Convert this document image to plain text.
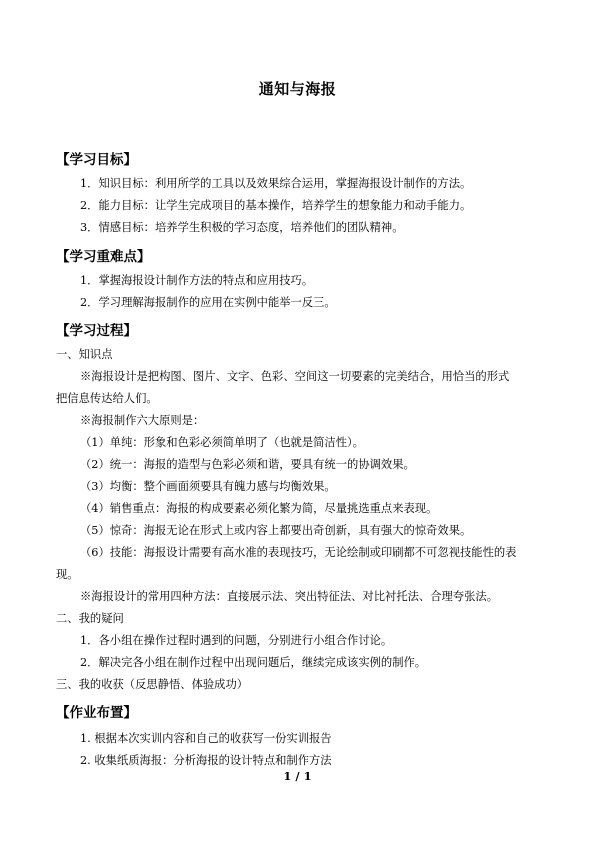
通知与海报
【学习目标】
1．知识目标：利用所学的工具以及效果综合运用，掌握海报设计制作的方法。
2．能力目标：让学生完成项目的基本操作，培养学生的想象能力和动手能力。
3．情感目标：培养学生积极的学习态度，培养他们的团队精神。
【学习重难点】
1．掌握海报设计制作方法的特点和应用技巧。
2．学习理解海报制作的应用在实例中能举一反三。
【学习过程】
一、知识点
※海报设计是把构图、图片、文字、色彩、空间这一切要素的完美结合，用恰当的形式
把信息传达给人们。
※海报制作六大原则是：
（1）单纯：形象和色彩必须简单明了（也就是简洁性）。
（2）统一：海报的造型与色彩必须和谐，要具有统一的协调效果。
（3）均衡：整个画面须要具有魄力感与均衡效果。
（4）销售重点：海报的构成要素必须化繁为简，尽量挑选重点来表现。
（5）惊奇：海报无论在形式上或内容上都要出奇创新，具有强大的惊奇效果。
（6）技能：海报设计需要有高水准的表现技巧，无论绘制或印刷都不可忽视技能性的表
现。
※海报设计的常用四种方法：直接展示法、突出特征法、对比衬托法、合理夸张法。
二、我的疑问
1．各小组在操作过程时遇到的问题，分别进行小组合作讨论。
2．解决完各小组在制作过程中出现问题后，继续完成该实例的制作。
三、我的收获（反思静悟、体验成功）
【作业布置】
1. 根据本次实训内容和自己的收获写一份实训报告
2. 收集纸质海报：分析海报的设计特点和制作方法
1 / 1
